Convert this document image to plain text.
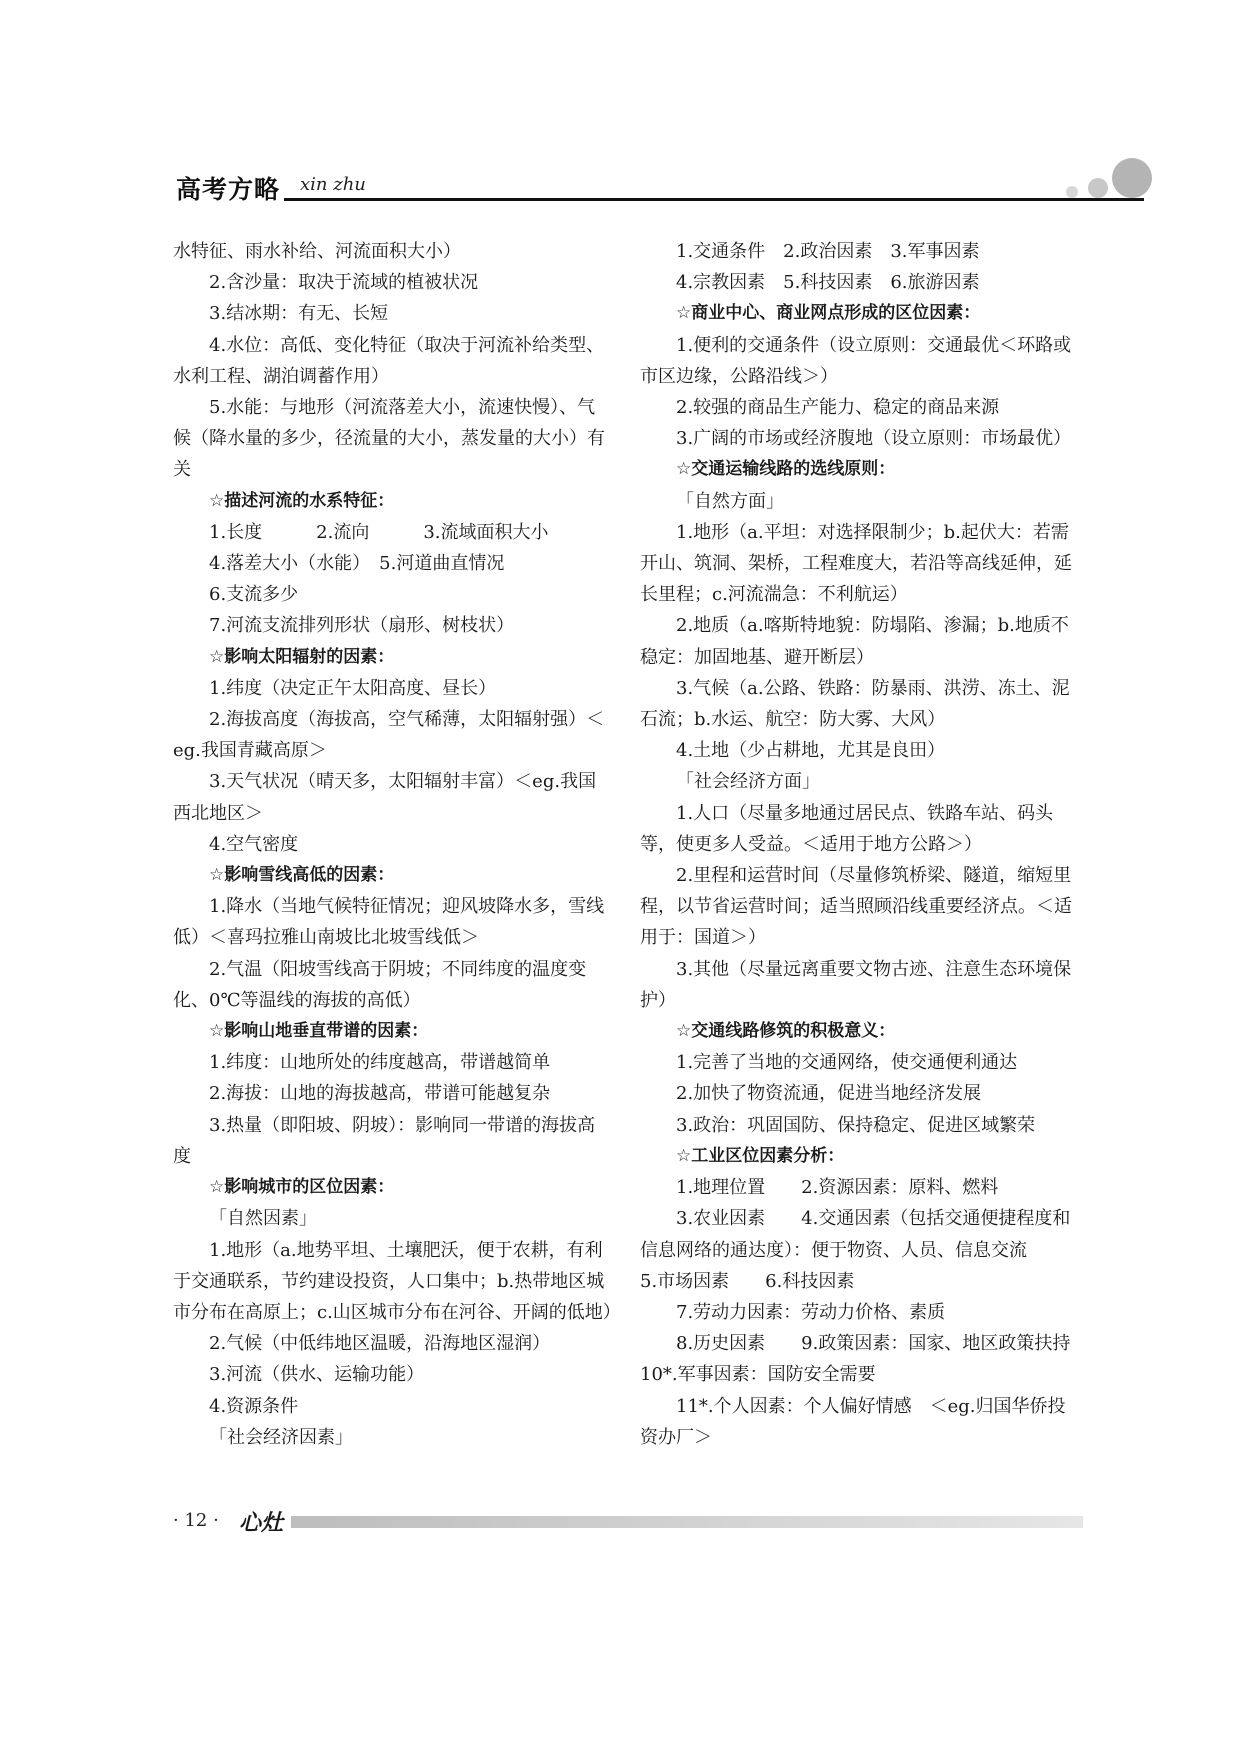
高考方略 xin zhu

水特征、雨水补给、河流面积大小）

2.含沙量：取决于流域的植被状况

3.结冰期：有无、长短

4.水位：高低、变化特征（取决于河流补给类型、水利工程、湖泊调蓄作用）

5.水能：与地形（河流落差大小，流速快慢）、气候（降水量的多少，径流量的大小，蒸发量的大小）有关

☆描述河流的水系特征：

1.长度　　　2.流向　　　3.流域面积大小

4.落差大小（水能）　5.河道曲直情况

6.支流多少

7.河流支流排列形状（扇形、树枝状）

☆影响太阳辐射的因素：

1.纬度（决定正午太阳高度、昼长）

2.海拔高度（海拔高，空气稀薄，太阳辐射强）＜eg.我国青藏高原＞

3.天气状况（晴天多，太阳辐射丰富）＜eg.我国西北地区＞

4.空气密度

☆影响雪线高低的因素：

1.降水（当地气候特征情况；迎风坡降水多，雪线低）＜喜玛拉雅山南坡比北坡雪线低＞

2.气温（阳坡雪线高于阴坡；不同纬度的温度变化、0℃等温线的海拔的高低）

☆影响山地垂直带谱的因素：

1.纬度：山地所处的纬度越高，带谱越简单

2.海拔：山地的海拔越高，带谱可能越复杂

3.热量（即阳坡、阴坡）：影响同一带谱的海拔高度

☆影响城市的区位因素：

「自然因素」

1.地形（a.地势平坦、土壤肥沃，便于农耕，有利于交通联系，节约建设投资，人口集中；b.热带地区城市分布在高原上；c.山区城市分布在河谷、开阔的低地）

2.气候（中低纬地区温暖，沿海地区湿润）

3.河流（供水、运输功能）

4.资源条件

「社会经济因素」

1.交通条件　2.政治因素　3.军事因素

4.宗教因素　5.科技因素　6.旅游因素

☆商业中心、商业网点形成的区位因素：

1.便利的交通条件（设立原则：交通最优＜环路或市区边缘，公路沿线＞）

2.较强的商品生产能力、稳定的商品来源

3.广阔的市场或经济腹地（设立原则：市场最优）

☆交通运输线路的选线原则：

「自然方面」

1.地形（a.平坦：对选择限制少；b.起伏大：若需开山、筑洞、架桥，工程难度大，若沿等高线延伸，延长里程；c.河流湍急：不利航运）

2.地质（a.喀斯特地貌：防塌陷、渗漏；b.地质不稳定：加固地基、避开断层）

3.气候（a.公路、铁路：防暴雨、洪涝、冻土、泥石流；b.水运、航空：防大雾、大风）

4.土地（少占耕地，尤其是良田）

「社会经济方面」

1.人口（尽量多地通过居民点、铁路车站、码头等，使更多人受益。＜适用于地方公路＞）

2.里程和运营时间（尽量修筑桥梁、隧道，缩短里程，以节省运营时间；适当照顾沿线重要经济点。＜适用于：国道＞）

3.其他（尽量远离重要文物古迹、注意生态环境保护）

☆交通线路修筑的积极意义：

1.完善了当地的交通网络，使交通便利通达

2.加快了物资流通，促进当地经济发展

3.政治：巩固国防、保持稳定、促进区域繁荣

☆工业区位因素分析：

1.地理位置　　2.资源因素：原料、燃料

3.农业因素　　4.交通因素（包括交通便捷程度和信息网络的通达度）：便于物资、人员、信息交流　　5.市场因素　　6.科技因素

7.劳动力因素：劳动力价格、素质

8.历史因素　　9.政策因素：国家、地区政策扶持　10*.军事因素：国防安全需要

11*.个人因素：个人偏好情感　＜eg.归国华侨投资办厂＞

· 12 · 心灶
